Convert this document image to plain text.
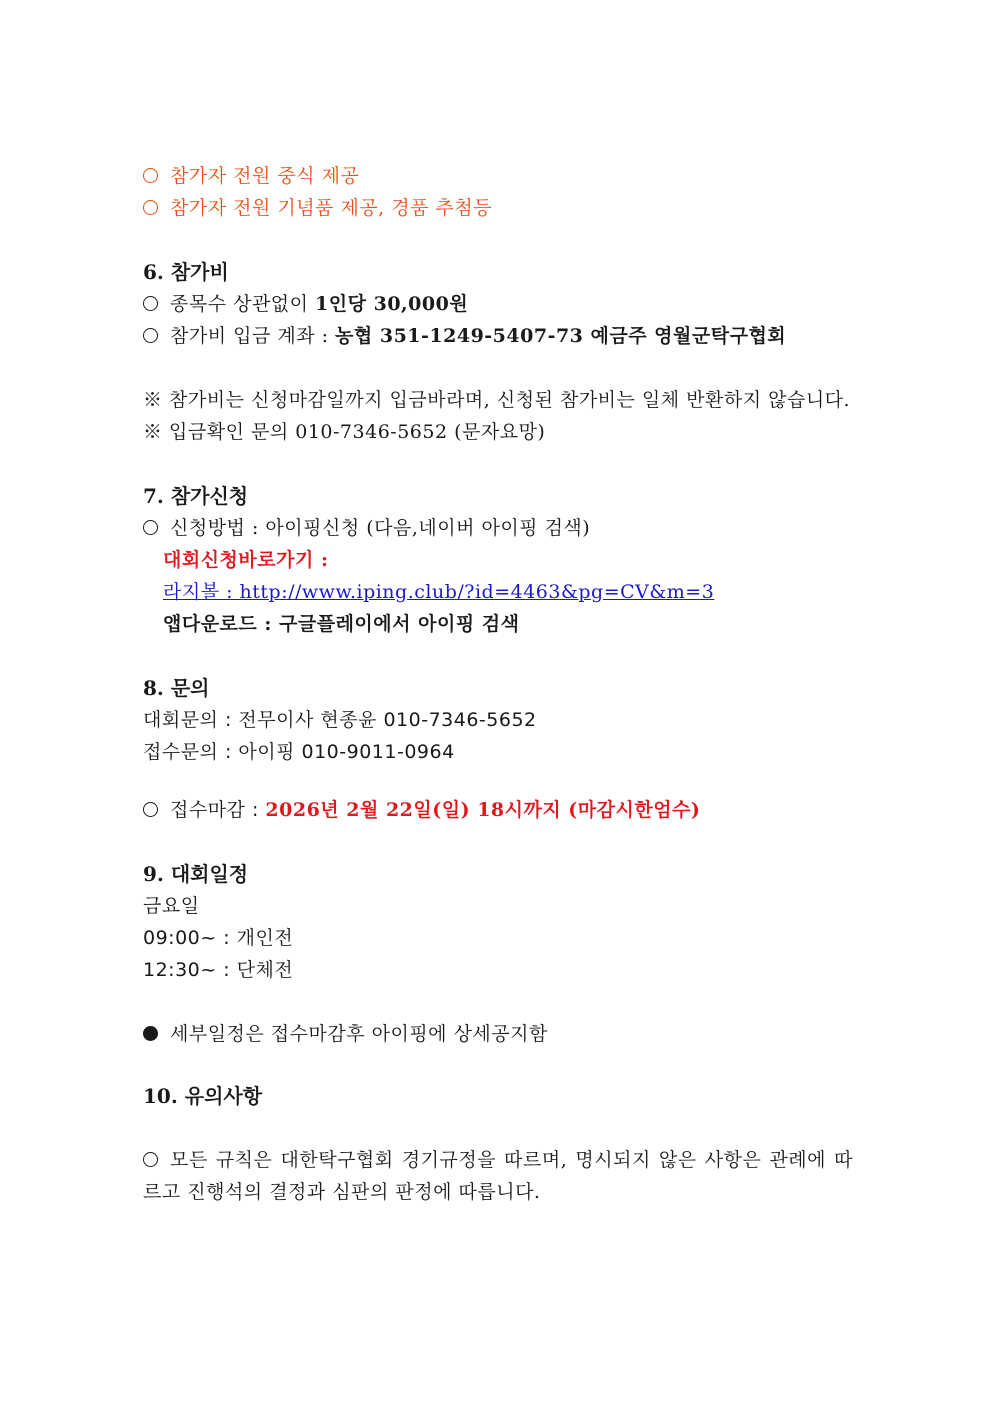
참가자 전원 중식 제공
참가자 전원 기념품 제공, 경품 추첨등
6. 참가비
종목수 상관없이 1인당 30,000원
참가비 입금 계좌 : 농협 351-1249-5407-73 예금주 영월군탁구협회
※ 참가비는 신청마감일까지 입금바라며, 신청된 참가비는 일체 반환하지 않습니다.
※ 입금확인 문의 010-7346-5652 (문자요망)
7. 참가신청
신청방법 : 아이핑신청 (다음,네이버 아이핑 검색)
대회신청바로가기 :
라지볼 : http://www.iping.club/?id=4463&pg=CV&m=3
앱다운로드 : 구글플레이에서 아이핑 검색
8. 문의
대회문의 : 전무이사 현종윤 010-7346-5652
접수문의 : 아이핑 010-9011-0964
접수마감 : 2026년 2월 22일(일) 18시까지 (마감시한엄수)
9. 대회일정
금요일
09:00~ : 개인전
12:30~ : 단체전
세부일정은 접수마감후 아이핑에 상세공지함
10. 유의사항
모든 규칙은 대한탁구협회 경기규정을 따르며, 명시되지 않은 사항은 관례에 따르고 진행석의 결정과 심판의 판정에 따릅니다.
